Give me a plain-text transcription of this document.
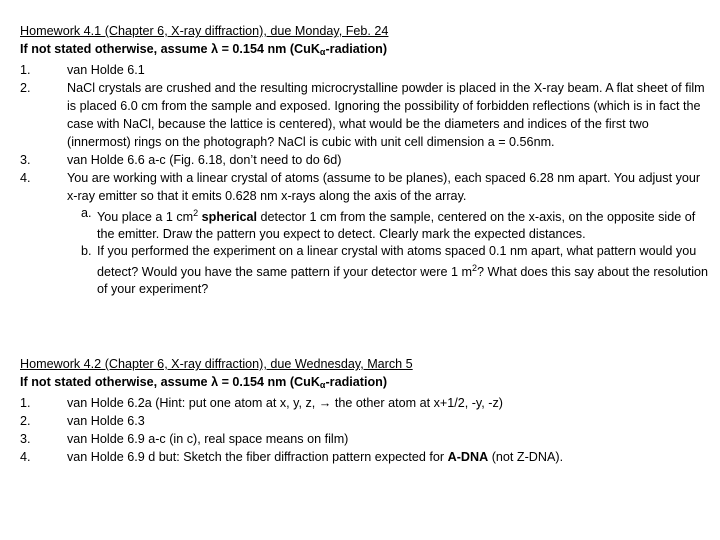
Homework 4.1 (Chapter 6, X-ray diffraction), due Monday, Feb. 24
If not stated otherwise, assume λ = 0.154 nm (CuK$_\alpha$-radiation)
1.	van Holde 6.1
2.	NaCl crystals are crushed and the resulting microcrystalline powder is placed in the X-ray beam. A flat sheet of film is placed 6.0 cm from the sample and exposed. Ignoring the possibility of forbidden reflections (which is in fact the case with NaCl, because the lattice is centered), what would be the diameters and indices of the first two (innermost) rings on the photograph? NaCl is cubic with unit cell dimension a = 0.56nm.
3.	van Holde 6.6 a-c (Fig. 6.18, don’t need to do 6d)
4.	You are working with a linear crystal of atoms (assume to be planes), each spaced 6.28 nm apart. You adjust your x-ray emitter so that it emits 0.628 nm x-rays along the axis of the array.
a. You place a 1 $cm^2$ spherical detector 1 cm from the sample, centered on the x-axis, on the opposite side of the emitter. Draw the pattern you expect to detect. Clearly mark the expected distances.
b. If you performed the experiment on a linear crystal with atoms spaced 0.1 nm apart, what pattern would you detect? Would you have the same pattern if your detector were 1 $m^2$? What does this say about the resolution of your experiment?
Homework 4.2 (Chapter 6, X-ray diffraction), due Wednesday, March 5
If not stated otherwise, assume λ = 0.154 nm (CuK$_\alpha$-radiation)
1.	van Holde 6.2a (Hint: put one atom at x, y, z, → the other atom at x+1/2, -y, -z)
2.	van Holde 6.3
3.	van Holde 6.9 a-c (in c), real space means on film)
4.	van Holde 6.9 d but: Sketch the fiber diffraction pattern expected for A-DNA (not Z-DNA).
